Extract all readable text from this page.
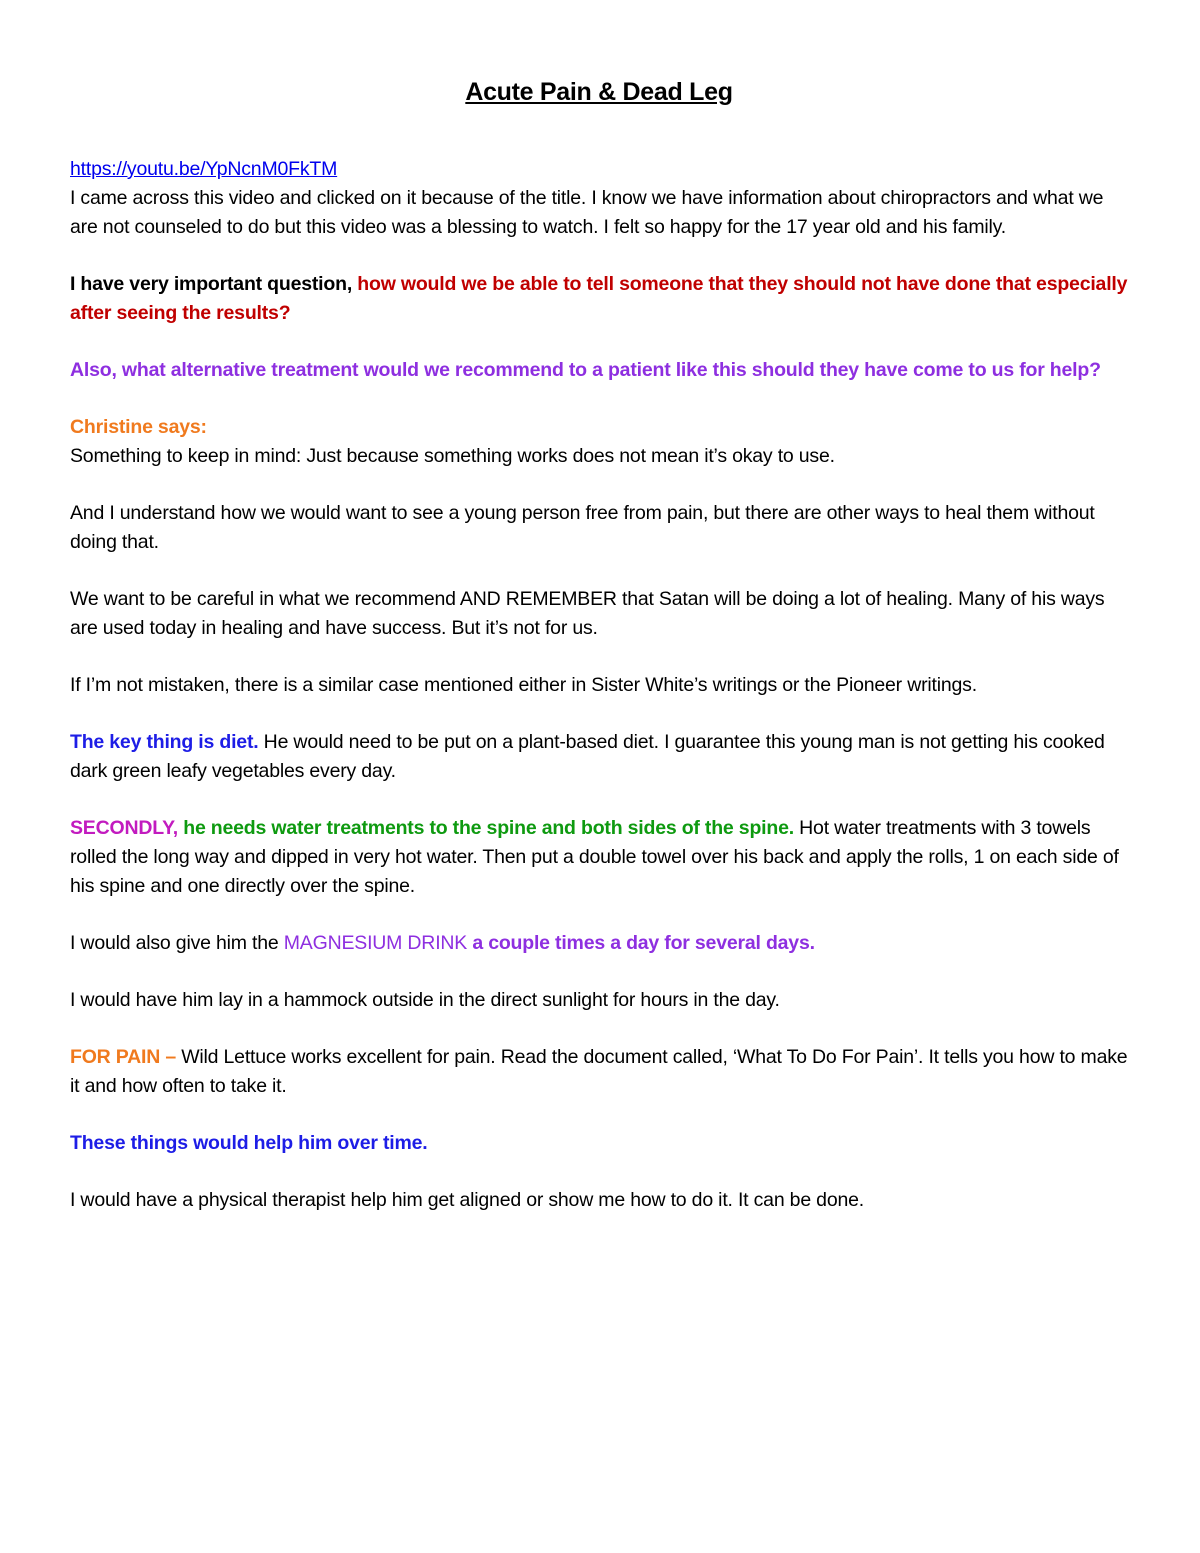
Acute Pain & Dead Leg
https://youtu.be/YpNcnM0FkTM
I came across this video and clicked on it because of the title. I know we have information about chiropractors and what we are not counseled to do but this video was a blessing to watch. I felt so happy for the 17 year old and his family.
I have very important question, how would we be able to tell someone that they should not have done that especially after seeing the results?
Also, what alternative treatment would we recommend to a patient like this should they have come to us for help?
Christine says:
Something to keep in mind: Just because something works does not mean it’s okay to use.
And I understand how we would want to see a young person free from pain, but there are other ways to heal them without doing that.
We want to be careful in what we recommend AND REMEMBER that Satan will be doing a lot of healing. Many of his ways are used today in healing and have success. But it’s not for us.
If I’m not mistaken, there is a similar case mentioned either in Sister White’s writings or the Pioneer writings.
The key thing is diet. He would need to be put on a plant-based diet. I guarantee this young man is not getting his cooked dark green leafy vegetables every day.
SECONDLY, he needs water treatments to the spine and both sides of the spine. Hot water treatments with 3 towels rolled the long way and dipped in very hot water. Then put a double towel over his back and apply the rolls, 1 on each side of his spine and one directly over the spine.
I would also give him the MAGNESIUM DRINK a couple times a day for several days.
I would have him lay in a hammock outside in the direct sunlight for hours in the day.
FOR PAIN – Wild Lettuce works excellent for pain. Read the document called, ‘What To Do For Pain’. It tells you how to make it and how often to take it.
These things would help him over time.
I would have a physical therapist help him get aligned or show me how to do it. It can be done.
